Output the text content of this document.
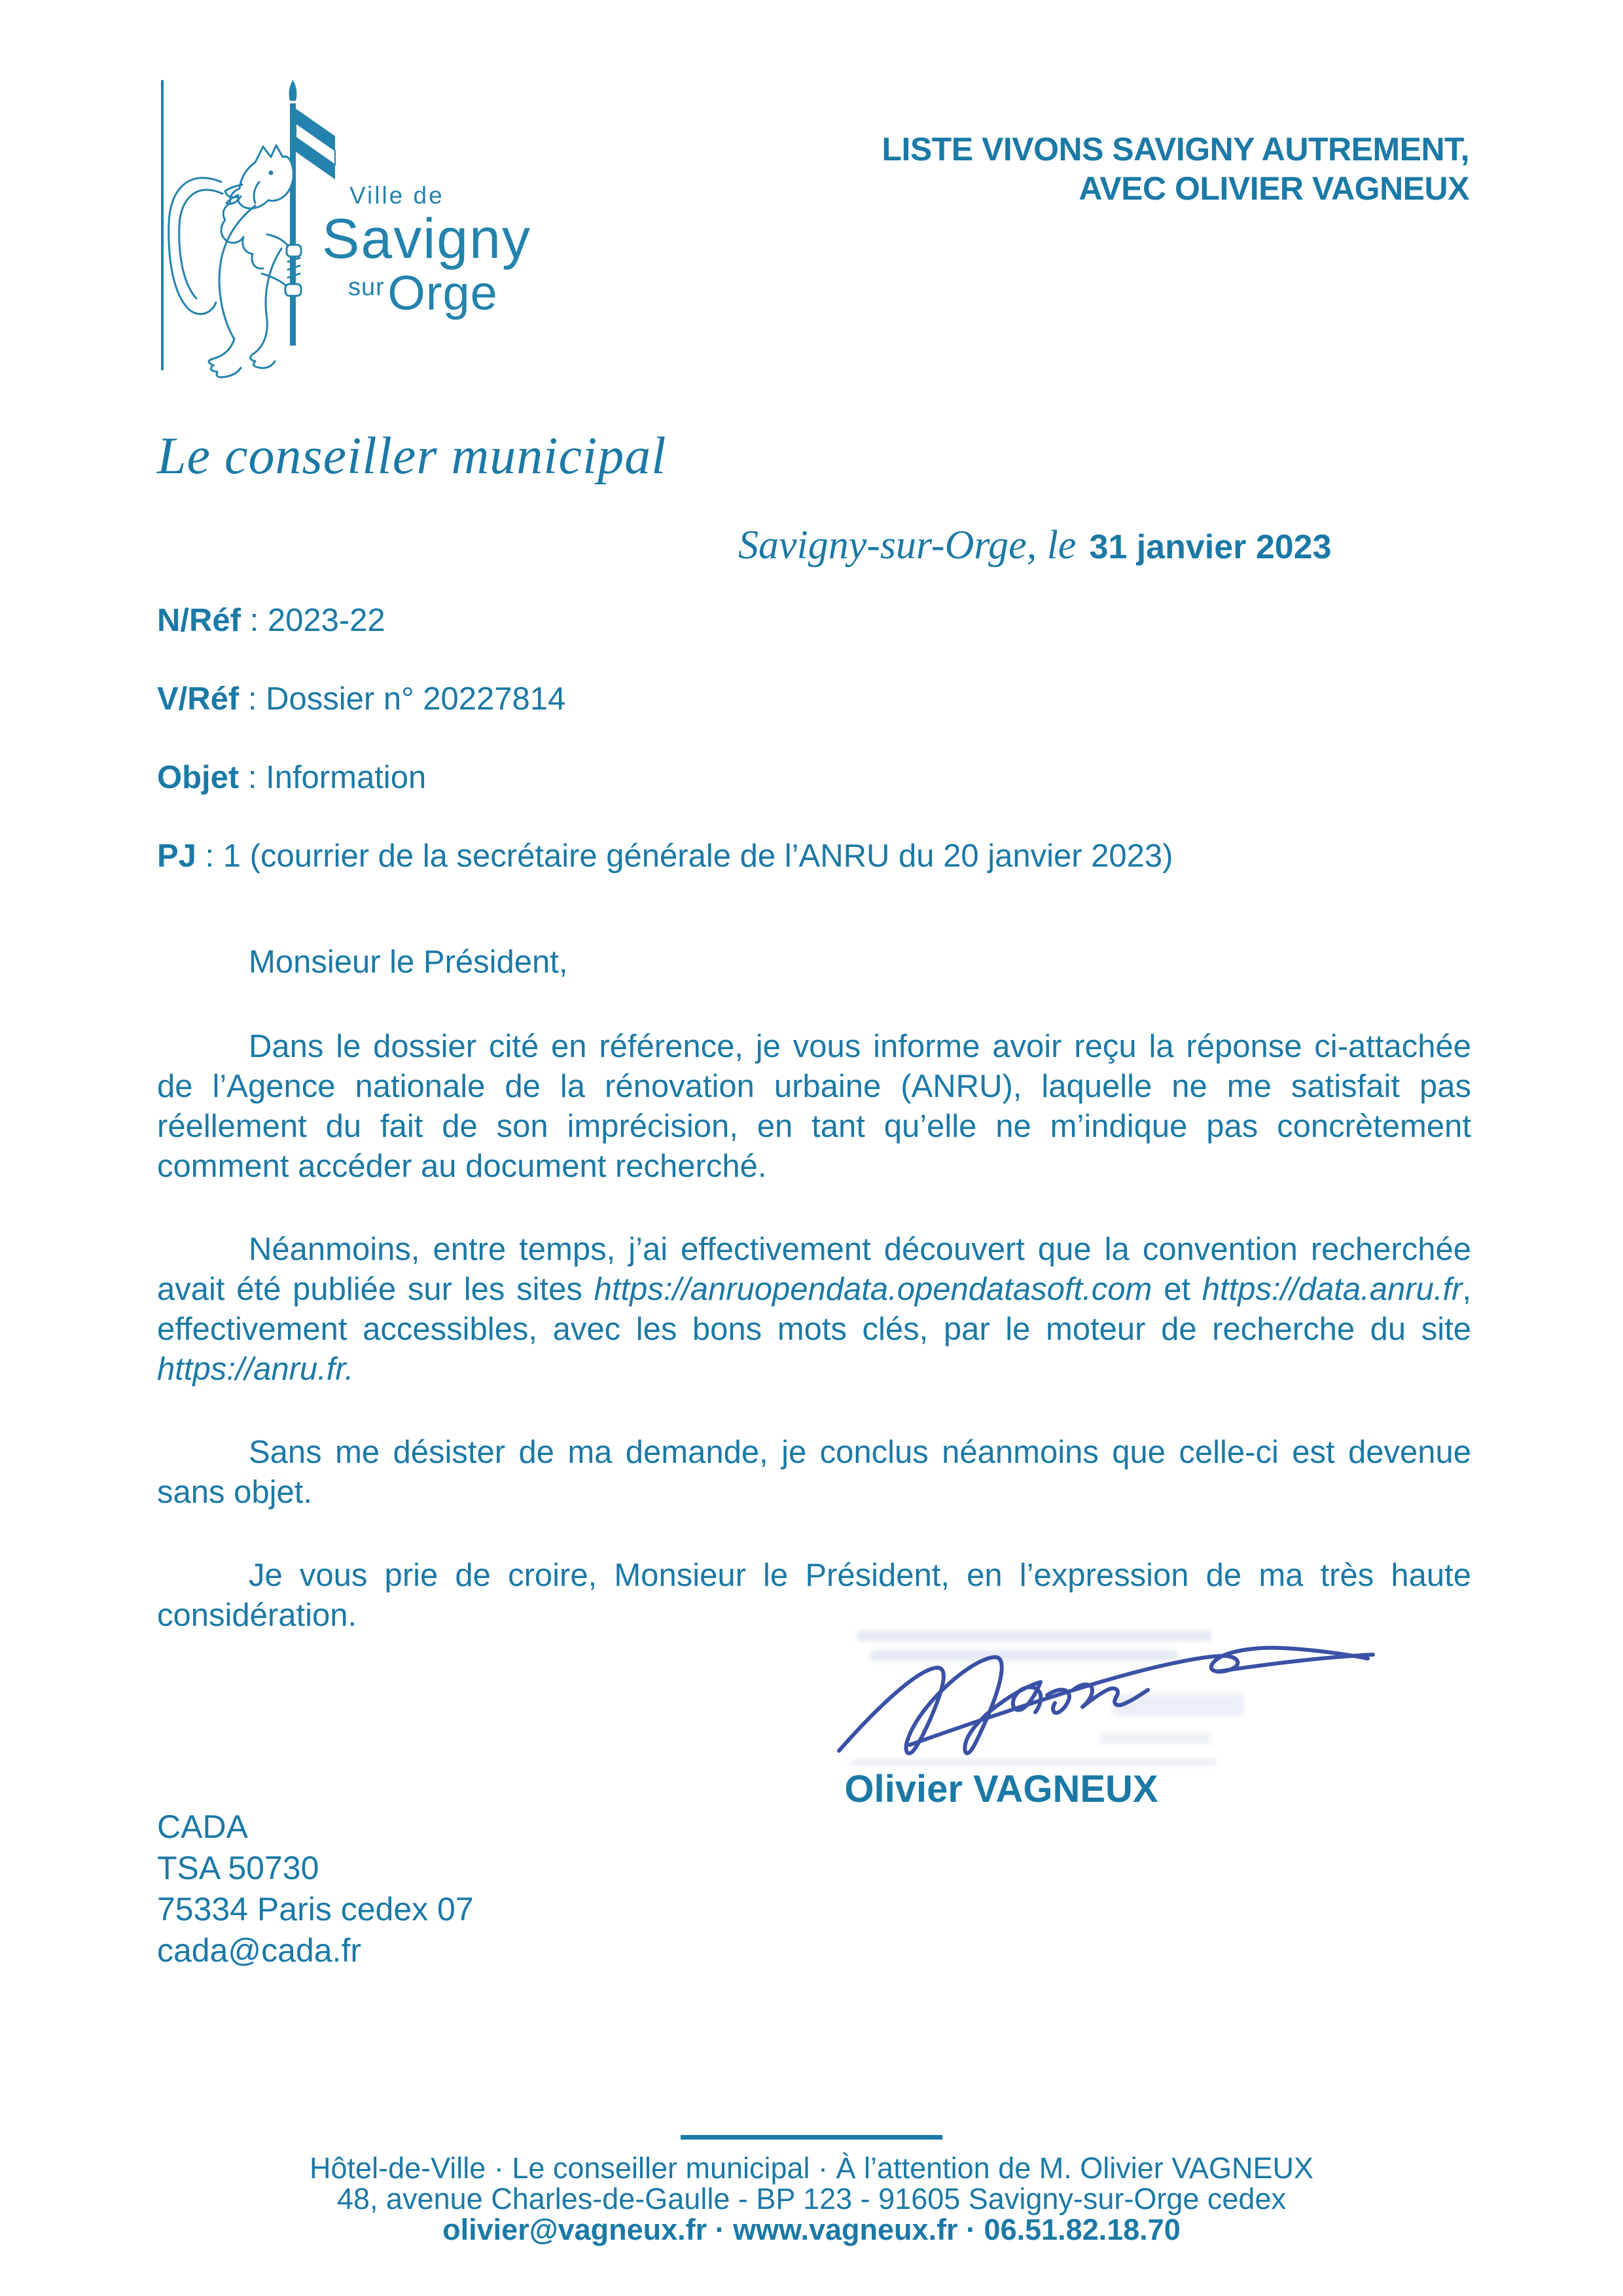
Ville de
Savigny
sur Orge
LISTE VIVONS SAVIGNY AUTREMENT,
AVEC OLIVIER VAGNEUX
Le conseiller municipal
Savigny-sur-Orge, le 31 janvier 2023
N/Réf : 2023-22
V/Réf : Dossier n° 20227814
Objet : Information
PJ : 1 (courrier de la secrétaire générale de l’ANRU du 20 janvier 2023)
Monsieur le Président,

Dans le dossier cité en référence, je vous informe avoir reçu la réponse ci-attachée de l’Agence nationale de la rénovation urbaine (ANRU), laquelle ne me satisfait pas réellement du fait de son imprécision, en tant qu’elle ne m’indique pas concrètement comment accéder au document recherché.

Néanmoins, entre temps, j’ai effectivement découvert que la convention recherchée avait été publiée sur les sites https://anruopendata.opendatasoft.com et https://data.anru.fr, effectivement accessibles, avec les bons mots clés, par le moteur de recherche du site https://anru.fr.

Sans me désister de ma demande, je conclus néanmoins que celle-ci est devenue sans objet.

Je vous prie de croire, Monsieur le Président, en l’expression de ma très haute considération.

Olivier VAGNEUX
CADA
TSA 50730
75334 Paris cedex 07
cada@cada.fr
Hôtel-de-Ville · Le conseiller municipal · À l’attention de M. Olivier VAGNEUX
48, avenue Charles-de-Gaulle - BP 123 - 91605 Savigny-sur-Orge cedex
olivier@vagneux.fr · www.vagneux.fr · 06.51.82.18.70
